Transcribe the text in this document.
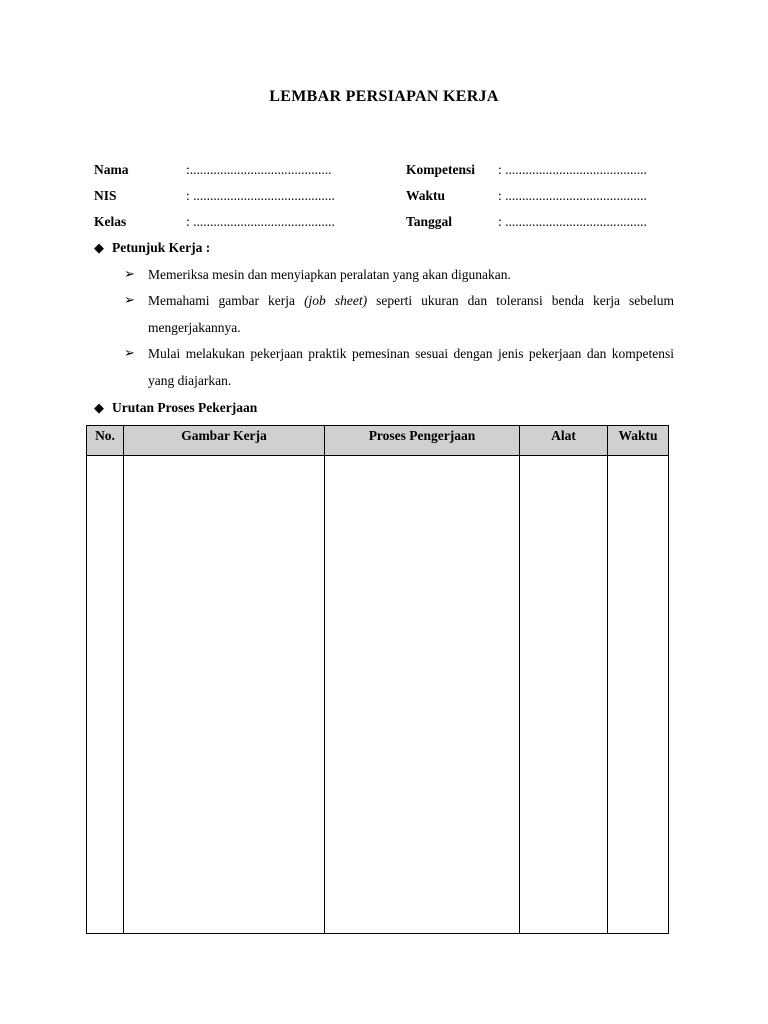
LEMBAR PERSIAPAN KERJA
Nama	:..........................................
NIS	: ..........................................
Kelas	: ..........................................
Kompetensi : ..........................................
Waktu	: ..........................................
Tanggal	: ..........................................
◆ Petunjuk Kerja :
➢ Memeriksa mesin dan menyiapkan peralatan yang akan digunakan.
➢ Memahami gambar kerja (job sheet) seperti ukuran dan toleransi benda kerja sebelum mengerjakannya.
➢ Mulai melakukan pekerjaan praktik pemesinan sesuai dengan jenis pekerjaan dan kompetensi yang diajarkan.
◆ Urutan Proses Pekerjaan
No.	Gambar Kerja	Proses Pengerjaan	Alat	Waktu
